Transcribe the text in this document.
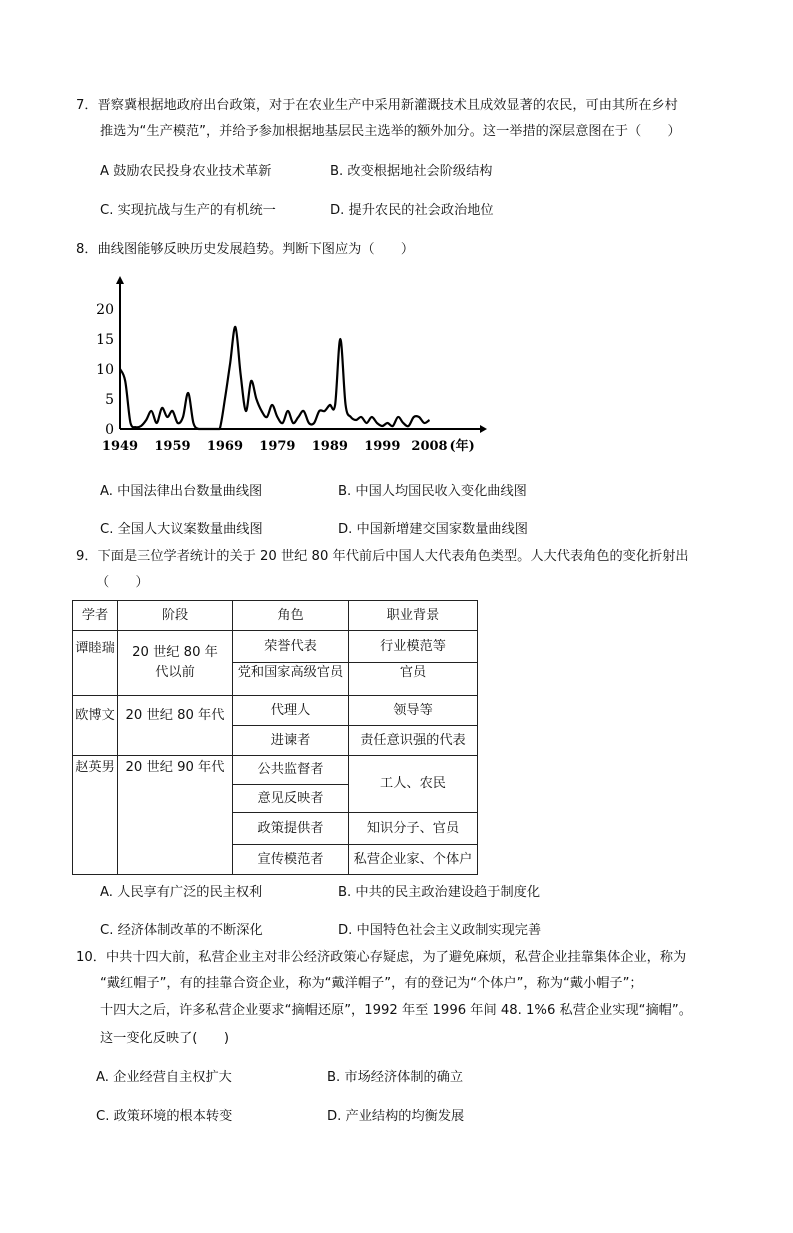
7．晋察冀根据地政府出台政策，对于在农业生产中采用新灌溉技术且成效显著的农民，可由其所在乡村
推选为“生产模范”，并给予参加根据地基层民主选举的额外加分。这一举措的深层意图在于（　　）
A 鼓励农民投身农业技术革新	B. 改变根据地社会阶级结构
C. 实现抗战与生产的有机统一	D. 提升农民的社会政治地位
8．曲线图能够反映历史发展趋势。判断下图应为（　　）
0
5
10
15
20
1949 1959 1969 1979 1989 1999 2008 (年)
A. 中国法律出台数量曲线图	B. 中国人均国民收入变化曲线图
C. 全国人大议案数量曲线图	D. 中国新增建交国家数量曲线图
9．下面是三位学者统计的关于 20 世纪 80 年代前后中国人大代表角色类型。人大代表角色的变化折射出
（　　）
学者	阶段	角色	职业背景
谭睦瑞	20 世纪 80 年代以前	荣誉代表	行业模范等
		党和国家高级官员	官员
欧博文	20 世纪 80 年代	代理人	领导等
		进谏者	责任意识强的代表
赵英男	20 世纪 90 年代	公共监督者	工人、农民
		意见反映者	
		政策提供者	知识分子、官员
		宣传模范者	私营企业家、个体户
A. 人民享有广泛的民主权利	B. 中共的民主政治建设趋于制度化
C. 经济体制改革的不断深化	D. 中国特色社会主义政制实现完善
10．中共十四大前，私营企业主对非公经济政策心存疑虑，为了避免麻烦，私营企业挂靠集体企业，称为
“戴红帽子”，有的挂靠合资企业，称为“戴洋帽子”，有的登记为“个体户”，称为“戴小帽子”；
十四大之后，许多私营企业要求“摘帽还原”，1992 年至 1996 年间 48. 1%6 私营企业实现“摘帽”。
这一变化反映了(　　)
A. 企业经营自主权扩大	B. 市场经济体制的确立
C. 政策环境的根本转变	D. 产业结构的均衡发展
